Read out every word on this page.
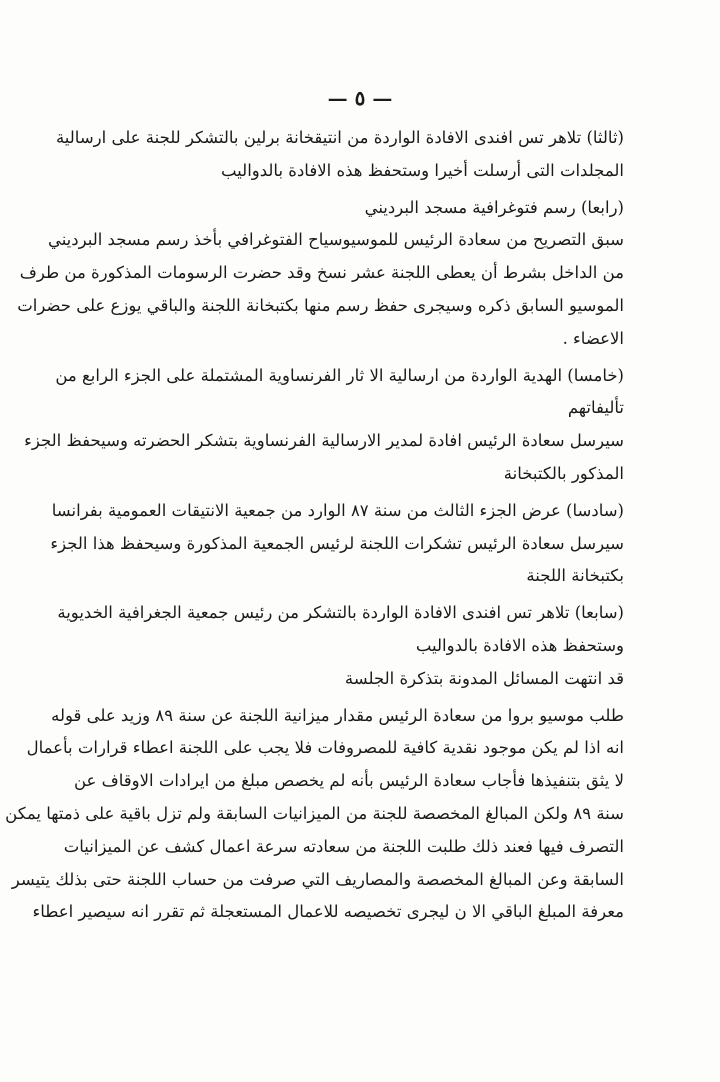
— ٥ —
(ثالثا) تلاهر تس افندى الافادة الواردة من انتيقخانة برلين بالتشكر للجنة على ارسالية
المجلدات التى أرسلت أخيرا وستحفظ هذه الافادة بالدواليب
(رابعا) رسم فتوغرافية مسجد البرديني
سبق التصريح من سعادة الرئيس للموسيوسياح الفتوغرافي بأخذ رسم مسجد البرديني
من الداخل بشرط أن يعطى اللجنة عشر نسخ وقد حضرت الرسومات المذكورة من طرف
الموسيو السابق ذكره وسيجرى حفظ رسم منها بكتبخانة اللجنة والباقي يوزع على حضرات
الاعضاء .
(خامسا) الهدية الواردة من ارسالية الا ثار الفرنساوية المشتملة على الجزء الرابع من
تأليفاتهم
سيرسل سعادة الرئيس افادة لمدير الارسالية الفرنساوية بتشكر الحضرته وسيحفظ الجزء
المذكور بالكتبخانة
(سادسا) عرض الجزء الثالث من سنة ٨٧ الوارد من جمعية الانتيقات العمومية بفرانسا
سيرسل سعادة الرئيس تشكرات اللجنة لرئيس الجمعية المذكورة وسيحفظ هذا الجزء
بكتبخانة اللجنة
(سابعا) تلاهر تس افندى الافادة الواردة بالتشكر من رئيس جمعية الجغرافية الخديوية
وستحفظ هذه الافادة بالدواليب
قد انتهت المسائل المدونة بتذكرة الجلسة
طلب موسيو بروا من سعادة الرئيس مقدار ميزانية اللجنة عن سنة ٨٩ وزيد على قوله
انه اذا لم يكن موجود نقدية كافية للمصروفات فلا يجب على اللجنة اعطاء قرارات بأعمال
لا يثق بتنفيذها فأجاب سعادة الرئيس بأنه لم يخصص مبلغ من ايرادات الاوقاف عن
سنة ٨٩ ولكن المبالغ المخصصة للجنة من الميزانيات السابقة ولم تزل باقية على ذمتها يمكن
التصرف فيها فعند ذلك طلبت اللجنة من سعادته سرعة اعمال كشف عن الميزانيات
السابقة وعن المبالغ المخصصة والمصاريف التي صرفت من حساب اللجنة حتى بذلك يتيسر
معرفة المبلغ الباقي الا ن ليجرى تخصيصه للاعمال المستعجلة ثم تقرر انه سيصير اعطاء
